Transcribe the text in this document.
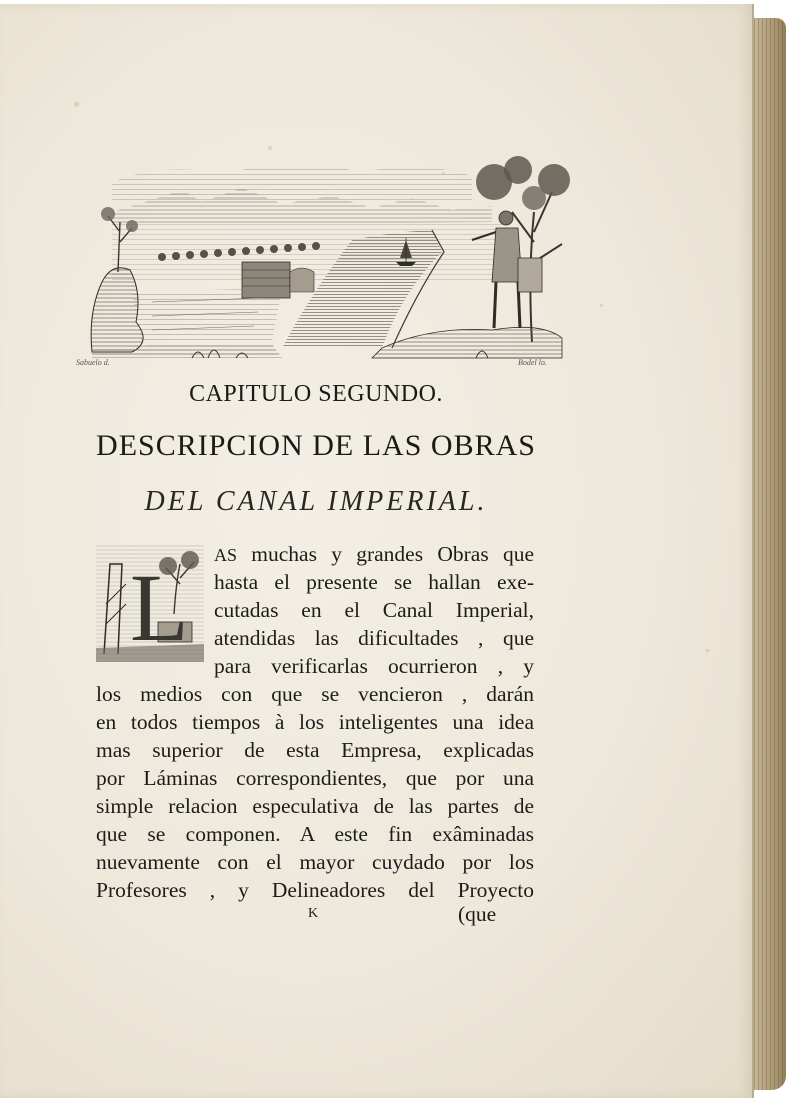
Sabuelo d.	Bodel lo.
CAPITULO SEGUNDO.
DESCRIPCION DE LAS OBRAS
DEL CANAL IMPERIAL.
L AS muchas y grandes Obras que
hasta el presente se hallan exe-
cutadas en el Canal Imperial,
atendidas las dificultades , que
para verificarlas ocurrieron , y
los medios con que se vencieron , darán
en todos tiempos à los inteligentes una idea
mas superior de esta Empresa, explicadas
por Láminas correspondientes, que por una
simple relacion especulativa de las partes de
que se componen. A este fin exâminadas
nuevamente con el mayor cuydado por los
Profesores , y Delineadores del Proyecto
K	(que
